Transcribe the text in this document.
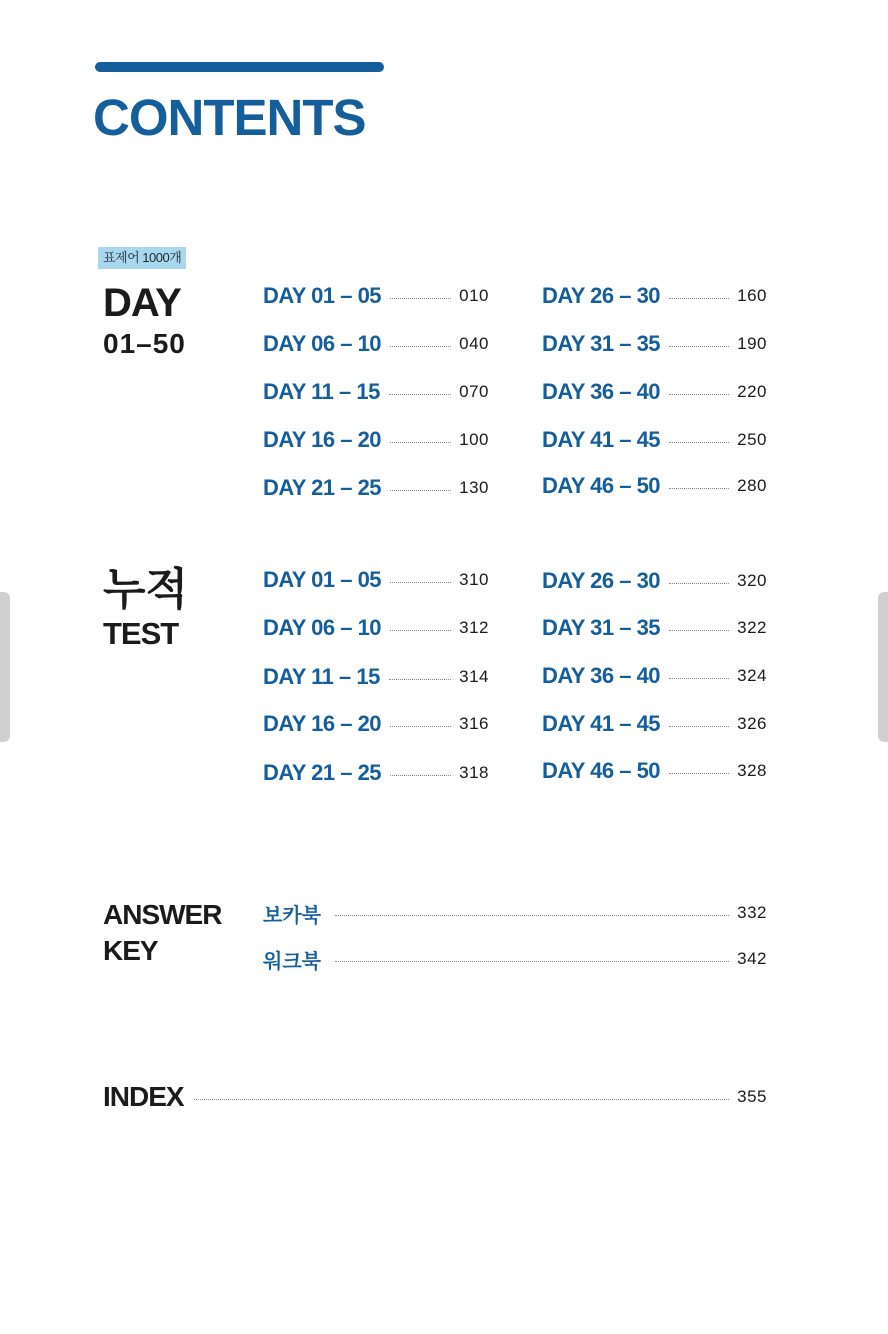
CONTENTS
표제어 1000개
DAY
01–50
DAY 01 – 05	010
DAY 06 – 10	040
DAY 11 – 15	070
DAY 16 – 20	100
DAY 21 – 25	130
DAY 26 – 30	160
DAY 31 – 35	190
DAY 36 – 40	220
DAY 41 – 45	250
DAY 46 – 50	280
누적
TEST
DAY 01 – 05	310
DAY 06 – 10	312
DAY 11 – 15	314
DAY 16 – 20	316
DAY 21 – 25	318
DAY 26 – 30	320
DAY 31 – 35	322
DAY 36 – 40	324
DAY 41 – 45	326
DAY 46 – 50	328
ANSWER
KEY
보카북	332
워크북	342
INDEX	355
